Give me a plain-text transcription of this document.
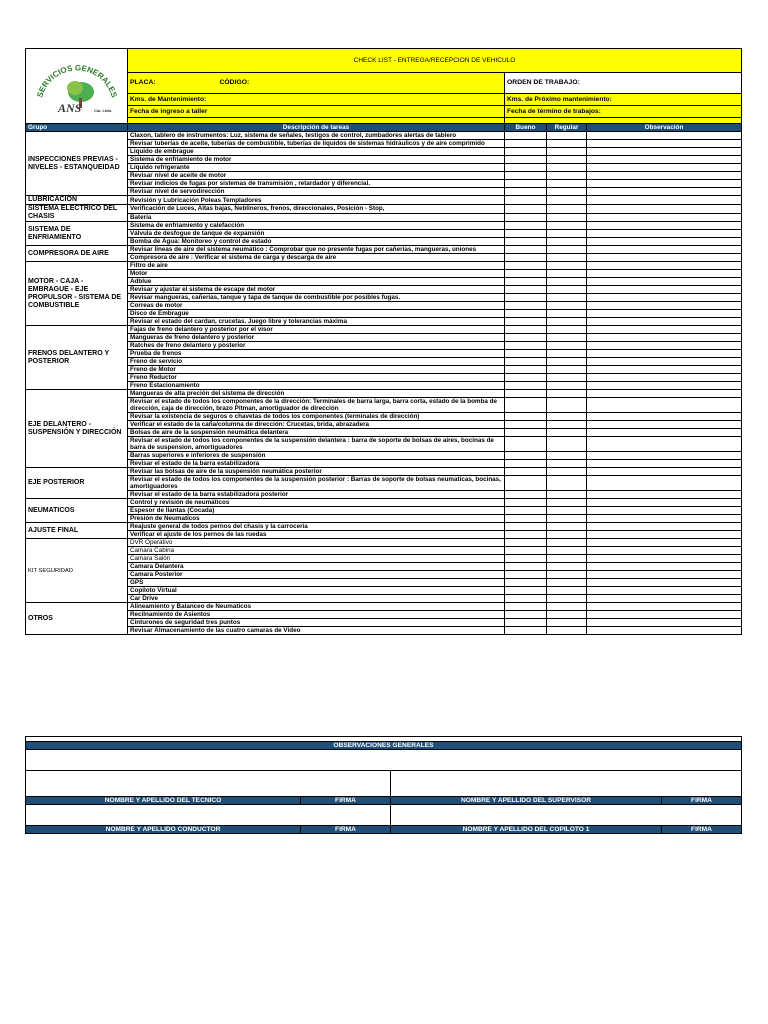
SERVICIOS GENERALES
ANS Cia. Ltda.	CHECK LIST - ENTREGA/RECEPCION DE VEHICULO			
	PLACA: CÓDIGO:	ORDEN DE TRABAJO:		
	Kms. de Mantenimiento:	Kms. de Próximo mantenimiento:		
	Fecha de ingreso a taller	Fecha de término de trabajos:		

Grupo	Descripción de tareas	Bueno	Regular	Observación
INSPECCIONES PREVIAS - NIVELES - ESTANQUEIDAD	Claxon, tablero de instrumentos: Luz, sistema de señales, testigos de control, zumbadores alertas de tablero			
	Revisar tuberías de aceite, tuberías de combustible, tuberías de líquidos de sistemas hidráulicos y de aire comprimido			
	Líquido de embrague			
	Sistema de enfriamiento de motor			
	Líquido refrigerante			
	Revisar nivel de aceite de motor			
	Revisar indicios de fugas por sistemas de transmisión , retardador y diferencial.			
	Revisar nivel de servodirección			
LUBRICACIÓN	Revisión y Lubricación Poleas Templadores			
SISTEMA ELECTRICO DEL CHASIS	Verificación de Luces, Altas bajas, Neblineros, frenos, direccionales, Posición - Stop,			
	Batería			
SISTEMA DE ENFRIAMIENTO	Sistema de enfriamiento y calefacción			
	Válvula de desfogue de tanque de expansión			
	Bomba de Agua: Monitoreo y control de estado			
COMPRESORA DE AIRE	Revisar líneas de aire del sistema neumático : Comprobar que no presente fugas por cañerías, mangueras, uniones			
	Compresora de aire : Verificar el sistema de carga y descarga de aire			
MOTOR - CAJA - EMBRAGUE - EJE PROPULSOR - SISTEMA DE COMBUSTIBLE	Filtro de aire			
	Motor			
	Adblue			
	Revisar y ajustar el sistema de escape del motor			
	Revisar mangueras, cañerías, tanque y tapa de tanque de combustible por posibles fugas.			
	Correas de motor			
	Disco de Embrague			
	Revisar el estado del cardan, crucetas. Juego libre y tolerancias máxima			
FRENOS DELANTERO Y POSTERIOR	Fajas de freno delantero y posterior por el visor			
	Mangueras de freno delantero y posterior			
	Ratches de freno delantero y posterior			
	Prueba de frenos			
	Freno de servicio			
	Freno de Motor			
	Freno Reductor			
	Freno Estacionamiento			
EJE DELANTERO - SUSPENSIÓN Y DIRECCIÓN	Mangueras de alta preción del sistema de dirección			
	Revisar el estado de todos los componentes de la dirección: Terminales de barra larga, barra corta, estado de la bomba de dirección, caja de dirección, brazo Pitman, amortiguador de dirección			
	Revisar la existencia de seguros o chavetas de todos los componentes (terminales de dirección)			
	Verificar el estado de la caña/columna de dirección: Crucetas, brida, abrazadera			
	Bolsas de aire de la suspensión neumática delantera			
	Revisar el estado de todos los componentes de la suspensión delantera : barra de soporte de bolsas de aires, bocinas de barra de suspension, amortiguadores			
	Barras superiores e inferiores de suspensión			
	Revisar el estado de la barra estabilizadora			
EJE POSTERIOR	Revisar las bolsas de aire de la suspensión neumática posterior			
	Revisar el estado de todos los componentes de la suspensión posterior : Barras de soporte de bolsas neumaticas, bocinas, amortiguadores			
	Revisar el estado de la barra estabilizadora posterior			
NEUMATICOS	Control y revisión de neumáticos			
	Espesor de llantas (Cocada)			
	Presión de Neumaticos			
AJUSTE FINAL	Reajuste general de todos pernos del chasis y la carrocería			
	Verificar el ajuste de los pernos de las ruedas			
KIT SEGURIDAD	DVR Operativo			
	Camara Cabina			
	Camara Salón			
	Camara Delantera			
	Camara Posterior			
	GPS			
	Copiloto Virtual			
	Car Drive			
OTROS	Alineamiento y Balanceo de Neumaticos			
	Recilnamiento de Asientos			
	Cinturones de seguridad tres puntos			
	Revisar Almacenamiento de las cuatro camaras de Video			

OBSERVACIONES GENERALES			

NOMBRE Y APELLIDO DEL TECNICO	FIRMA	NOMBRE Y APELLIDO DEL SUPERVISOR	FIRMA

NOMBRE Y APELLIDO CONDUCTOR	FIRMA	NOMBRE Y APELLIDO DEL COPILOTO 1	FIRMA
